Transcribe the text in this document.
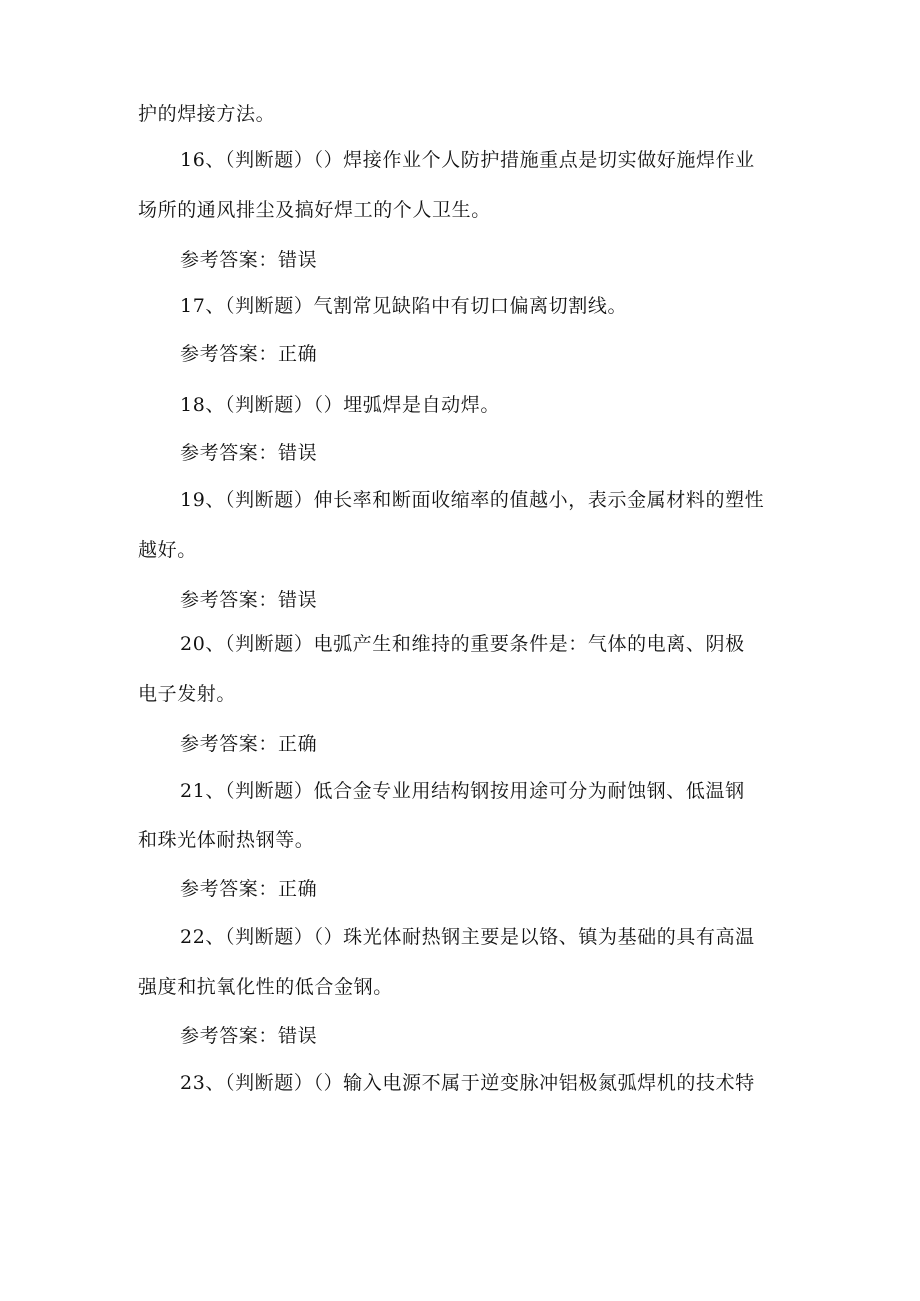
护的焊接方法。
16、（判断题）（）焊接作业个人防护措施重点是切实做好施焊作业
场所的通风排尘及搞好焊工的个人卫生。
参考答案：错误
17、（判断题）气割常见缺陷中有切口偏离切割线。
参考答案：正确
18、（判断题）（）埋弧焊是自动焊。
参考答案：错误
19、（判断题）伸长率和断面收缩率的值越小，表示金属材料的塑性
越好。
参考答案：错误
20、（判断题）电弧产生和维持的重要条件是：气体的电离、阴极
电子发射。
参考答案：正确
21、（判断题）低合金专业用结构钢按用途可分为耐蚀钢、低温钢
和珠光体耐热钢等。
参考答案：正确
22、（判断题）（）珠光体耐热钢主要是以铬、镇为基础的具有高温
强度和抗氧化性的低合金钢。
参考答案：错误
23、（判断题）（）输入电源不属于逆变脉冲铝极氮弧焊机的技术特
